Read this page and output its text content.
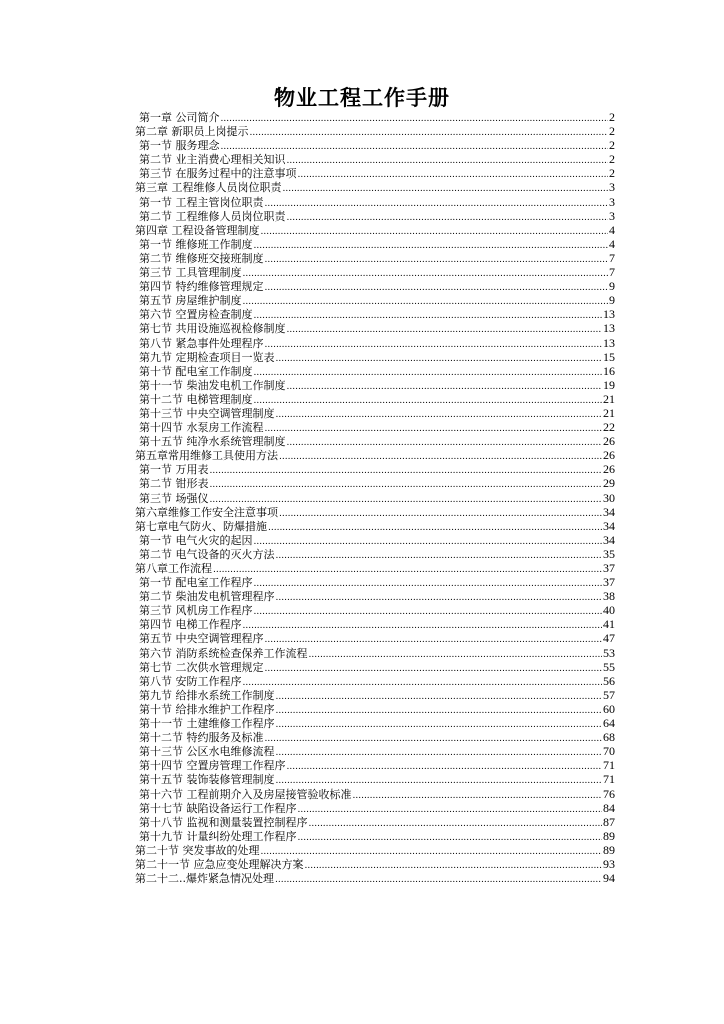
物业工程工作手册
第一章 公司简介 .....	2
第二章 新职员上岗提示 .....	2
第一节 服务理念 .....	2
第二节 业主消费心理相关知识 .....	2
第三节 在服务过程中的注意事项 .....	2
第三章 工程维修人员岗位职责 .....	3
第一节 工程主管岗位职责 .....	3
第二节 工程维修人员岗位职责 .....	3
第四章 工程设备管理制度 .....	4
第一节 维修班工作制度 .....	4
第二节 维修班交接班制度 .....	7
第三节 工具管理制度 .....	7
第四节 特约维修管理规定 .....	9
第五节 房屋维护制度 .....	9
第六节 空置房检查制度 .....	13
第七节 共用设施巡视检修制度 .....	13
第八节 紧急事件处理程序 .....	13
第九节 定期检查项目一览表 .....	15
第十节 配电室工作制度 .....	16
第十一节 柴油发电机工作制度 .....	19
第十二节 电梯管理制度 .....	21
第十三节 中央空调管理制度 .....	21
第十四节 水泵房工作流程 .....	22
第十五节 纯净水系统管理制度 .....	26
第五章常用维修工具使用方法 .....	26
第一节 万用表 .....	26
第二节 钳形表 .....	29
第三节 场强仪 .....	30
第六章维修工作安全注意事项 .....	34
第七章电气防火、防爆措施 .....	34
第一节 电气火灾的起因 .....	34
第二节 电气设备的灭火方法 .....	35
第八章工作流程 .....	37
第一节 配电室工作程序 .....	37
第二节 柴油发电机管理程序 .....	38
第三节 风机房工作程序 .....	40
第四节 电梯工作程序 .....	41
第五节 中央空调管理程序 .....	47
第六节 消防系统检查保养工作流程 .....	53
第七节 二次供水管理规定 .....	55
第八节 安防工作程序 .....	56
第九节 给排水系统工作制度 .....	57
第十节 给排水维护工作程序 .....	60
第十一节 土建维修工作程序 .....	64
第十二节 特约服务及标准 .....	68
第十三节 公区水电维修流程 .....	70
第十四节 空置房管理工作程序 .....	71
第十五节 装饰装修管理制度 .....	71
第十六节 工程前期介入及房屋接管验收标准 .....	76
第十七节 缺陷设备运行工作程序 .....	84
第十八节 监视和测量装置控制程序 .....	87
第十九节 计量纠纷处理工作程序 .....	89
第二十节 突发事故的处理 .....	89
第二十一节 应急应变处理解决方案 .....	93
第二十二..爆炸紧急情况处理 .....	94
